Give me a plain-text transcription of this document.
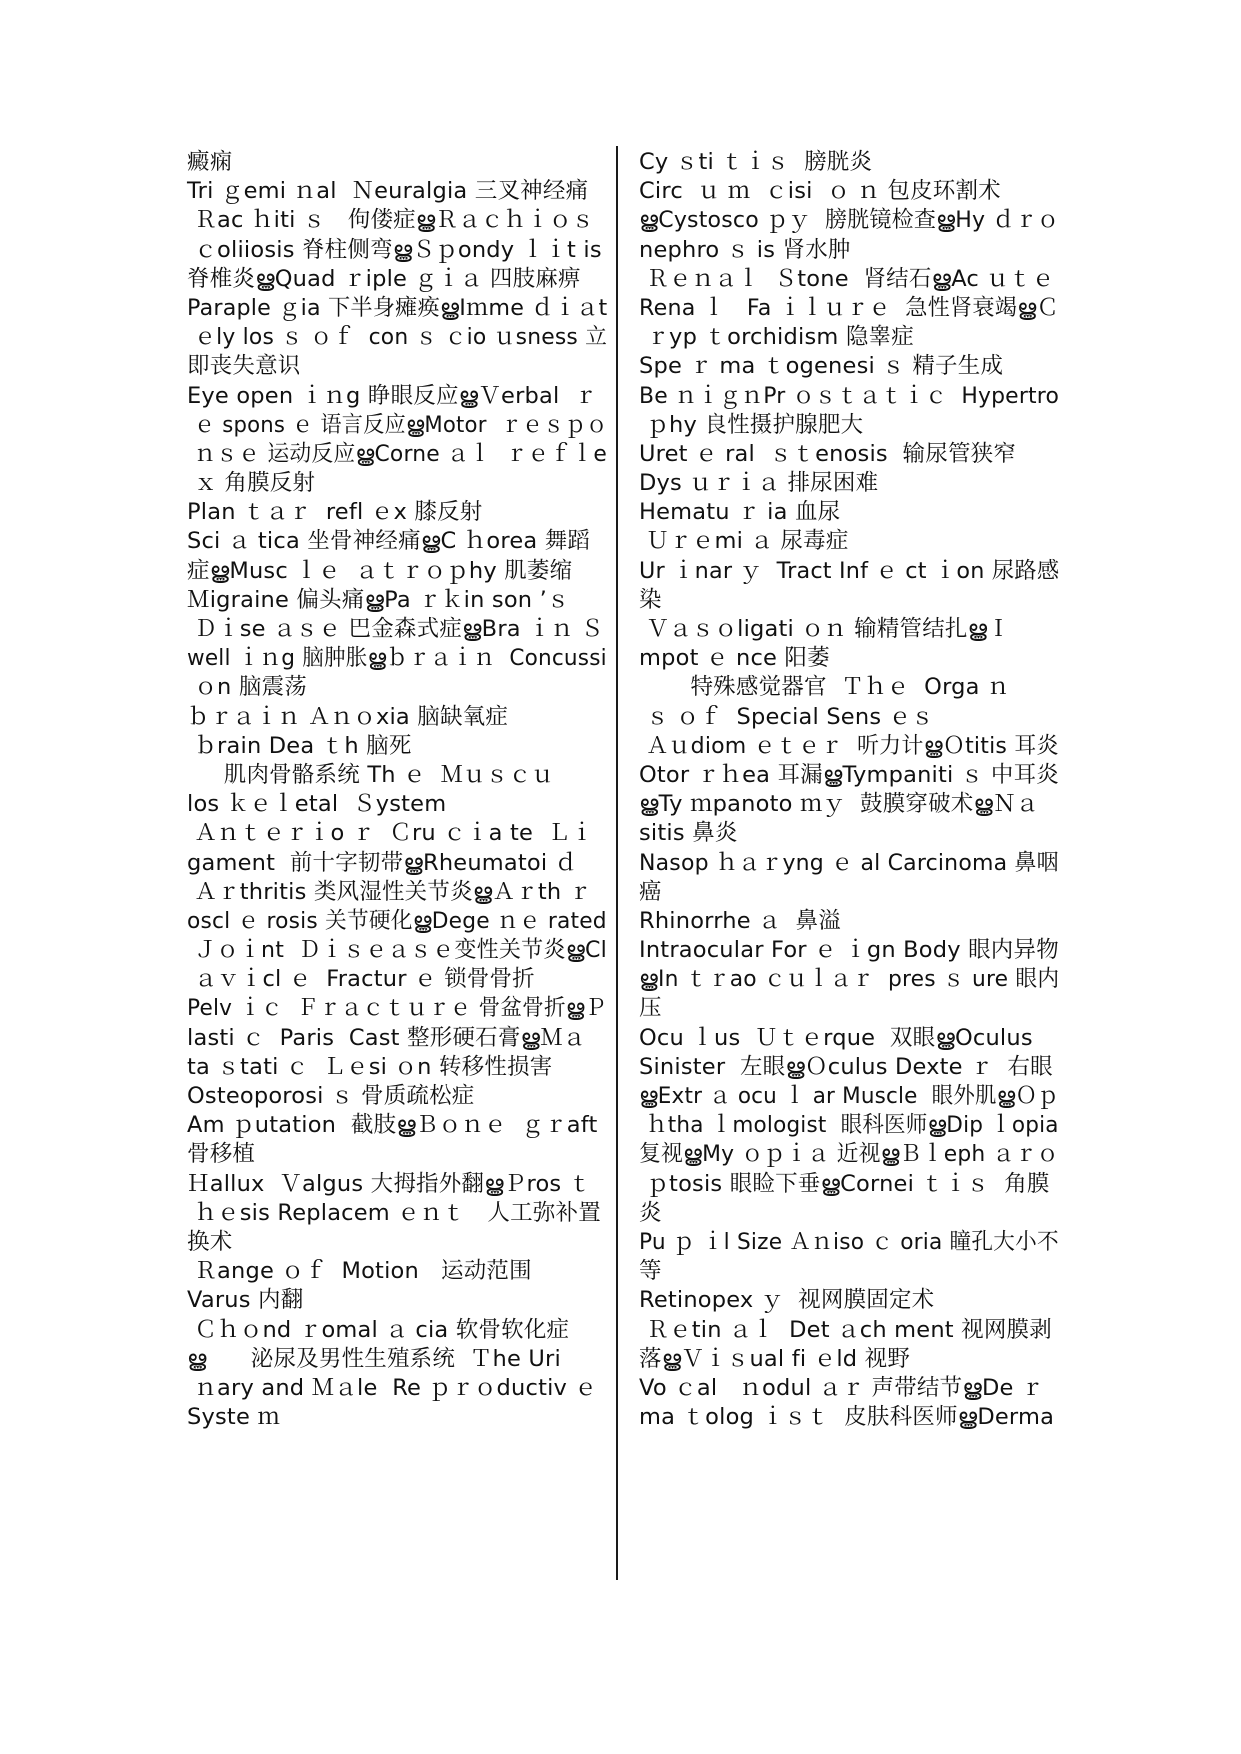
癜痫
Tri ｇemi ｎal  Ｎeuralgia 三叉神经痛
Ｒac ｈiti ｓ   佝偻症ൠＲａｃｈｉｏｓ
ｃoliiosis 脊柱侧弯ൠＳｐondy ｌｉt is
脊椎炎ൠQuad ｒiple ｇｉａ 四肢麻痹
Paraple ｇia 下半身瘫痪ൠIｍme ｄｉａt
ｅly los ｓ ｏｆ  con ｓ ｃio ｕsness 立
即丧失意识
Eye open ｉｎg 睁眼反应ൠＶerbal  ｒ
ｅ spons ｅ 语言反应ൠMotor  ｒｅｓｐｏ
ｎｓｅ 运动反应ൠCorne ａｌ  ｒｅｆｌe
ｘ 角膜反射
Plan ｔａｒ  refl ｅx 膝反射
Sci ａ tica 坐骨神经痛ൠC ｈorea 舞蹈
症ൠMusc ｌｅ  ａｔｒｏｐhy 肌萎缩
Ｍigraine 偏头痛ൠPa ｒｋin son ’ｓ
Ｄｉse ａｓｅ 巴金森式症ൠBra ｉｎ Ｓ
well ｉｎg 脑肿胀ൠｂｒａｉｎ  Concussi
ｏn 脑震荡
ｂｒａｉｎ Ａｎｏxia 脑缺氧症
ｂrain Dea ｔh 脑死
肌肉骨骼系统 Th ｅ  Ｍｕｓｃｕ
los ｋｅｌetal  Ｓystem
Ａｎｔｅｒｉo ｒ  Ｃru ｃｉa te  Ｌｉ
gament  前十字韧带ൠRheumatoi ｄ
Ａｒthritis 类风湿性关节炎ൠＡｒth ｒ
oscl ｅ rosis 关节硬化ൠDege ｎｅ rated
Ｊｏｉnt  Ｄｉｓｅａｓｅ变性关节炎ൠCl
ａｖｉcl ｅ  Fractur ｅ 锁骨骨折
Pelv ｉｃ  Ｆｒａｃｔｕｒｅ 骨盆骨折ൠＰ
lasti ｃ  Paris  Cast 整形硬石膏ൠＭａ
ta ｓtati ｃ  Ｌｅsi ｏn 转移性损害
Osteoporosi ｓ 骨质疏松症
Am ｐutation  截肢ൠＢｏｎｅ  ｇｒaft
骨移植
Ｈallux  Ｖalgus 大拇指外翻ൠＰros ｔ
ｈｅsis Replacem ｅｎｔ   人工弥补置
换术
Ｒange ｏｆ  Motion   运动范围
Varus 内翻
Ｃｈｏnd ｒomal ａ cia 软骨软化症
ൠ      泌尿及男性生殖系统  Ｔhe Uri
ｎary and Ｍａle  Re ｐｒｏductiv ｅ
Syste ｍ
Cy ｓti ｔｉｓ  膀胱炎
Circ  ｕ ｍ  ｃisi  ｏ ｎ 包皮环割术
ൠCystosco ｐｙ  膀胱镜检查ൠHy ｄｒｏ
nephro ｓ is 肾水肿
Ｒｅｎａｌ  Ｓtone  肾结石ൠAc ｕｔｅ
Rena ｌ   Fa ｉｌｕｒｅ  急性肾衰竭ൠＣ
ｒyp ｔorchidism 隐睾症
Spe ｒ ma ｔogenesi ｓ 精子生成
Be ｎｉｇｎPr ｏｓｔａｔｉｃ  Hypertro
ｐhy 良性摄护腺肥大
Uret ｅ ral  ｓｔenosis  输尿管狭窄
Dys ｕｒｉａ 排尿困难
Hematu ｒ ia 血尿
Ｕｒｅmi ａ 尿毒症
Ur ｉnar ｙ  Tract Inf ｅ ct ｉon 尿路感
染
Ｖａｓｏligati ｏｎ 输精管结扎ൠＩ
mpot ｅ nce 阳萎
特殊感觉器官  Ｔｈｅ  Orga ｎ
ｓ ｏｆ  Special Sens ｅｓ
Ａｕdiom ｅｔｅｒ  听力计ൠＯtitis 耳炎
Otor ｒｈea 耳漏ൠTympaniti ｓ 中耳炎
ൠTy ｍpanoto ｍｙ  鼓膜穿破术ൠＮａ
sitis 鼻炎
Nasop ｈａｒyng ｅ al Carcinoma 鼻咽
癌
Rhinorrhe ａ  鼻溢
Intraocular For ｅ ｉgn Body 眼内异物
ൠIn ｔｒao ｃｕｌａｒ  pres ｓ ure 眼内
压
Ocu ｌus  Ｕｔｅrque  双眼ൠOculus
Sinister  左眼ൠＯculus Dexte ｒ  右眼
ൠExtr ａ ocu ｌ ar Muscle  眼外肌ൠＯｐ
ｈtha ｌmologist  眼科医师ൠDip ｌopia
复视ൠMy ｏｐｉａ 近视ൠＢｌeph ａｒｏ
ｐtosis 眼睑下垂ൠCornei ｔｉｓ  角膜
炎
Pu ｐ ｉl Size Ａｎiso ｃ oria 瞳孔大小不
等
Retinopex ｙ  视网膜固定术
Ｒｅtin ａｌ  Det ａch ment 视网膜剥
落ൠＶｉｓual fi ｅld 视野
Vo ｃal   ｎodul ａｒ 声带结节ൠDe ｒ
ma ｔolog ｉｓｔ  皮肤科医师ൠDerma
